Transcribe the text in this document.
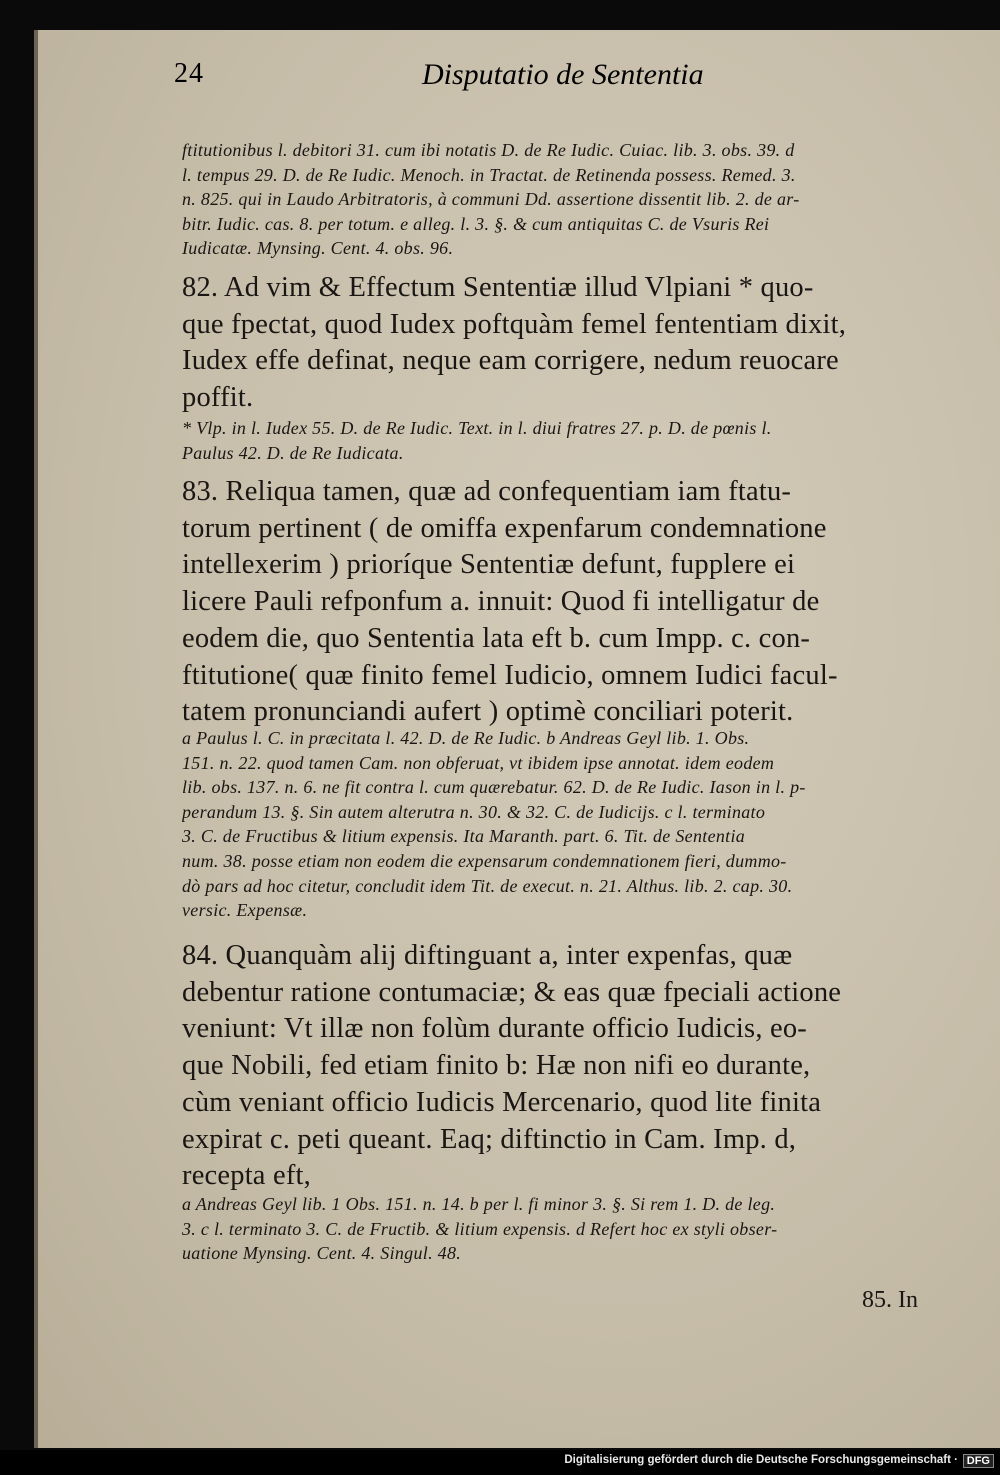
24	Disputatio de Sententia
ftitutionibus l. debitori 31. cum ibi notatis D. de Re Iudic. Cuiac. lib. 3. obs. 39. d
l. tempus 29. D. de Re Iudic. Menoch. in Tractat. de Retinenda possess. Remed. 3.
n. 825. qui in Laudo Arbitratoris, à communi Dd. assertione dissentit lib. 2. de ar-
bitr. Iudic. cas. 8. per totum. e alleg. l. 3. §. & cum antiquitas C. de Vsuris Rei
Iudicatæ. Mynsing. Cent. 4. obs. 96.
82. Ad vim & Effectum Sententiæ illud Vlpiani * quo-
que fpectat, quod Iudex poftquàm femel fententiam dixit,
Iudex effe definat, neque eam corrigere, nedum reuocare
poffit.
* Vlp. in l. Iudex 55. D. de Re Iudic. Text. in l. diui fratres 27. p. D. de pœnis l.
Paulus 42. D. de Re Iudicata.
83. Reliqua tamen, quæ ad confequentiam iam ftatu-
torum pertinent ( de omiffa expenfarum condemnatione
intellexerim ) prioríque Sententiæ defunt, fupplere ei
licere Pauli refponfum a. innuit: Quod fi intelligatur de
eodem die, quo Sententia lata eft b. cum Impp. c. con-
ftitutione( quæ finito femel Iudicio, omnem Iudici facul-
tatem pronunciandi aufert ) optimè conciliari poterit.
a Paulus l. C. in præcitata l. 42. D. de Re Iudic. b Andreas Geyl lib. 1. Obs.
151. n. 22. quod tamen Cam. non obferuat, vt ibidem ipse annotat. idem eodem
lib. obs. 137. n. 6. ne fit contra l. cum quærebatur. 62. D. de Re Iudic. Iason in l. p-
perandum 13. §. Sin autem alterutra n. 30. & 32. C. de Iudicijs. c l. terminato
3. C. de Fructibus & litium expensis. Ita Maranth. part. 6. Tit. de Sententia
num. 38. posse etiam non eodem die expensarum condemnationem fieri, dummo-
dò pars ad hoc citetur, concludit idem Tit. de execut. n. 21. Althus. lib. 2. cap. 30.
versic. Expensæ.
84. Quanquàm alij diftinguant a, inter expenfas, quæ
debentur ratione contumaciæ; & eas quæ fpeciali actione
veniunt: Vt illæ non folùm durante officio Iudicis, eo-
que Nobili, fed etiam finito b: Hæ non nifi eo durante,
cùm veniant officio Iudicis Mercenario, quod lite finita
expirat c. peti queant. Eaq; diftinctio in Cam. Imp. d,
recepta eft,
a Andreas Geyl lib. 1 Obs. 151. n. 14. b per l. fi minor 3. §. Si rem 1. D. de leg.
3. c l. terminato 3. C. de Fructib. & litium expensis. d Refert hoc ex styli obser-
uatione Mynsing. Cent. 4. Singul. 48.
85. In
Digitalisierung gefördert durch die Deutsche Forschungsgemeinschaft · DFG
